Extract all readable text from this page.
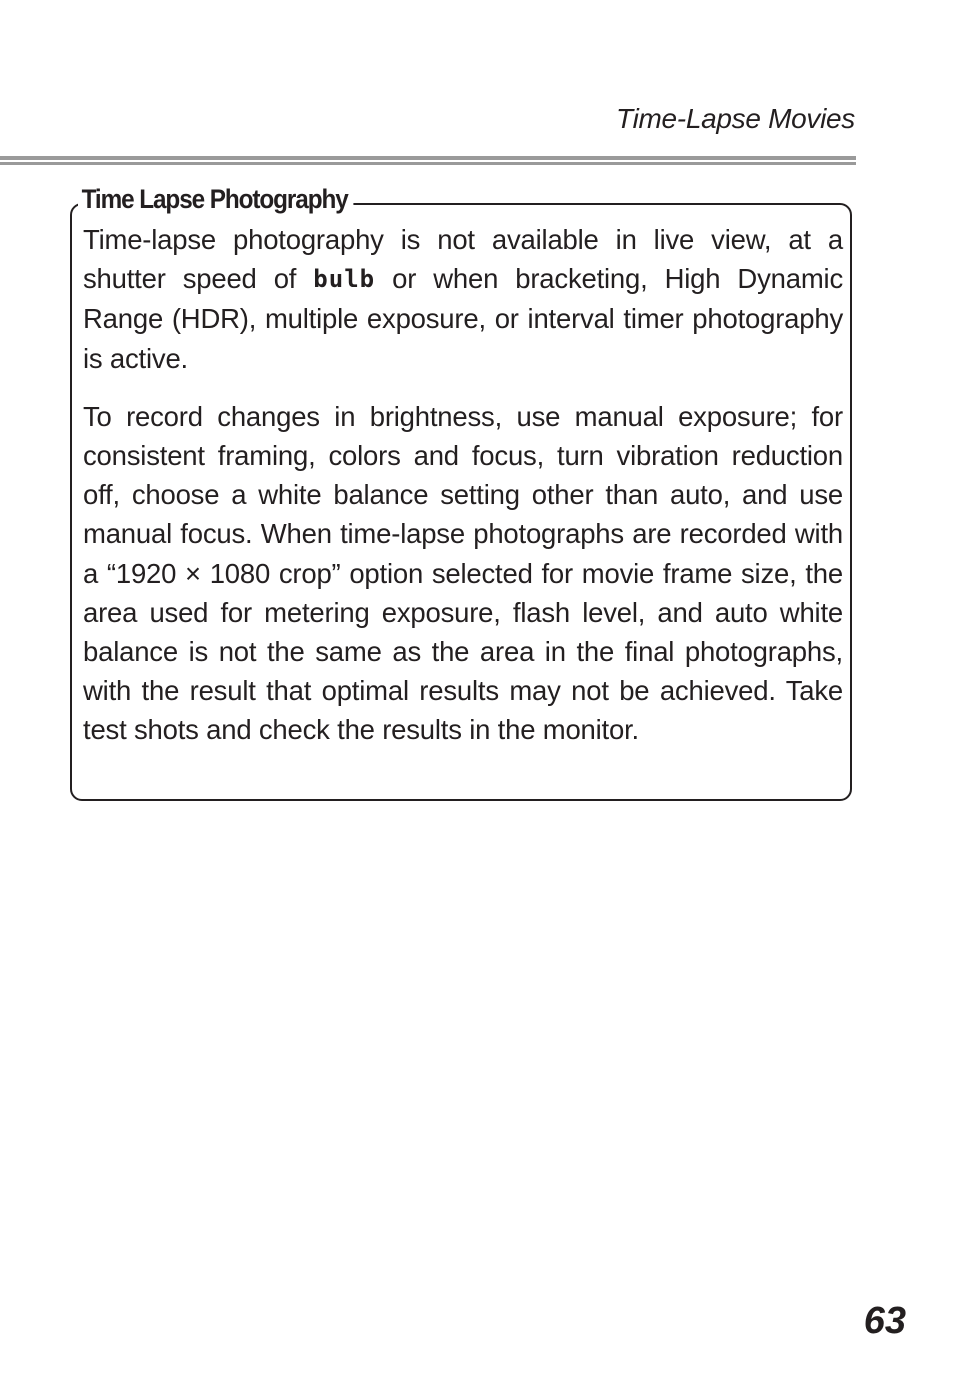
Time-Lapse Movies
Time Lapse Photography

Time-lapse photography is not available in live view, at a shutter speed of bulb or when bracketing, High Dynamic Range (HDR), multiple exposure, or interval timer photography is active.

To record changes in brightness, use manual exposure; for consistent framing, colors and focus, turn vibration reduction off, choose a white balance setting other than auto, and use manual focus. When time-lapse photographs are recorded with a “1920 × 1080 crop” option selected for movie frame size, the area used for metering exposure, flash level, and auto white balance is not the same as the area in the final photographs, with the result that optimal results may not be achieved. Take test shots and check the results in the monitor.

63
